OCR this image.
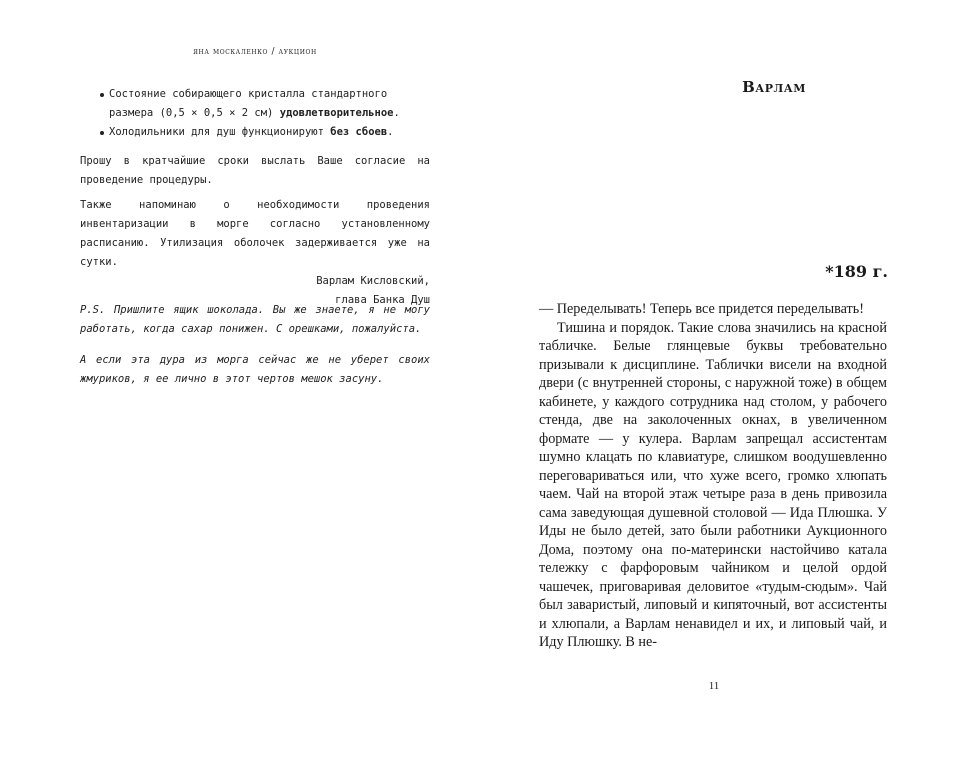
яна москаленко / аукцион
Состояние собирающего кристалла стандартного размера (0,5 × 0,5 × 2 см) удовлетворительное.
Холодильники для душ функционируют без сбоев.

Прошу в кратчайшие сроки выслать Ваше согласие на проведение процедуры.

Также напоминаю о необходимости проведения инвентаризации в морге согласно установленному расписанию. Утилизация оболочек задерживается уже на сутки.

Варлам Кисловский,
глава Банка Душ

P.S. Пришлите ящик шоколада. Вы же знаете, я не могу работать, когда сахар понижен. С орешками, пожалуйста.

А если эта дура из морга сейчас же не уберет своих жмуриков, я ее лично в этот чертов мешок засуну.

Варлам
*189 г.

— Переделывать! Теперь все придется переделывать!

Тишина и порядок. Такие слова значились на красной табличке. Белые глянцевые буквы требовательно призывали к дисциплине. Таблички висели на входной двери (с внутренней стороны, с наружной тоже) в общем кабинете, у каждого сотрудника над столом, у рабочего стенда, две на заколоченных окнах, в увеличенном формате — у кулера. Варлам запрещал ассистентам шумно клацать по клавиатуре, слишком воодушевленно переговариваться или, что хуже всего, громко хлюпать чаем. Чай на второй этаж четыре раза в день привозила сама заведующая душевной столовой — Ида Плюшка. У Иды не было детей, зато были работники Аукционного Дома, поэтому она по-матерински настойчиво катала тележку с фарфоровым чайником и целой ордой чашечек, приговаривая деловитое «тудым-сюдым». Чай был заваристый, липовый и кипяточный, вот ассистенты и хлюпали, а Варлам ненавидел и их, и липовый чай, и Иду Плюшку. В не-

11
